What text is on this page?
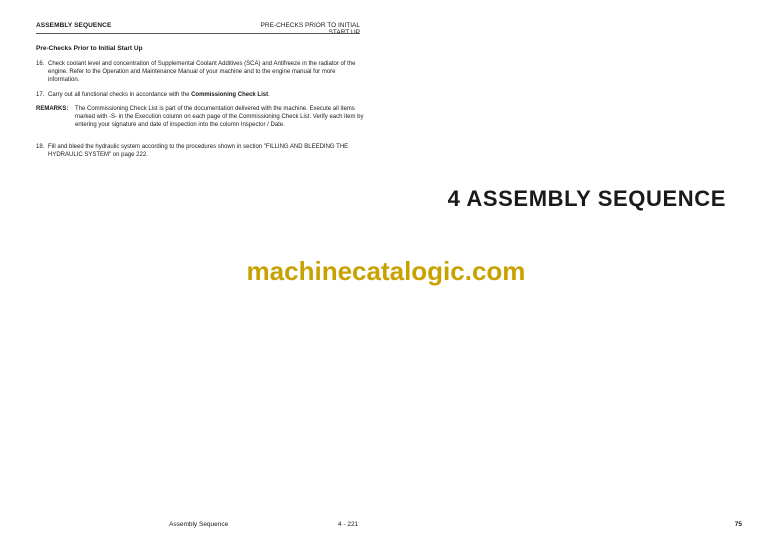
ASSEMBLY SEQUENCE	PRE-CHECKS PRIOR TO INITIAL START UP
Pre-Checks Prior to Initial Start Up
16. Check coolant level and concentration of Supplemental Coolant Additives (SCA) and Antifreeze in the radiator of the engine. Refer to the Operation and Maintenance Manual of your machine and to the engine manual for more information.
17. Carry out all functional checks in accordance with the Commissioning Check List.
REMARKS: The Commissioning Check List is part of the documentation delivered with the machine. Execute all items marked with -S- in the Execution column on each page of the Commissioning Check List. Verify each item by entering your signature and date of inspection into the column Inspector / Date.
18. Fill and bleed the hydraulic system according to the procedures shown in section "FILLING AND BLEEDING THE HYDRAULIC SYSTEM" on page 222.
4 ASSEMBLY SEQUENCE
machinecatalogic.com
Assembly Sequence	4 - 221	75
